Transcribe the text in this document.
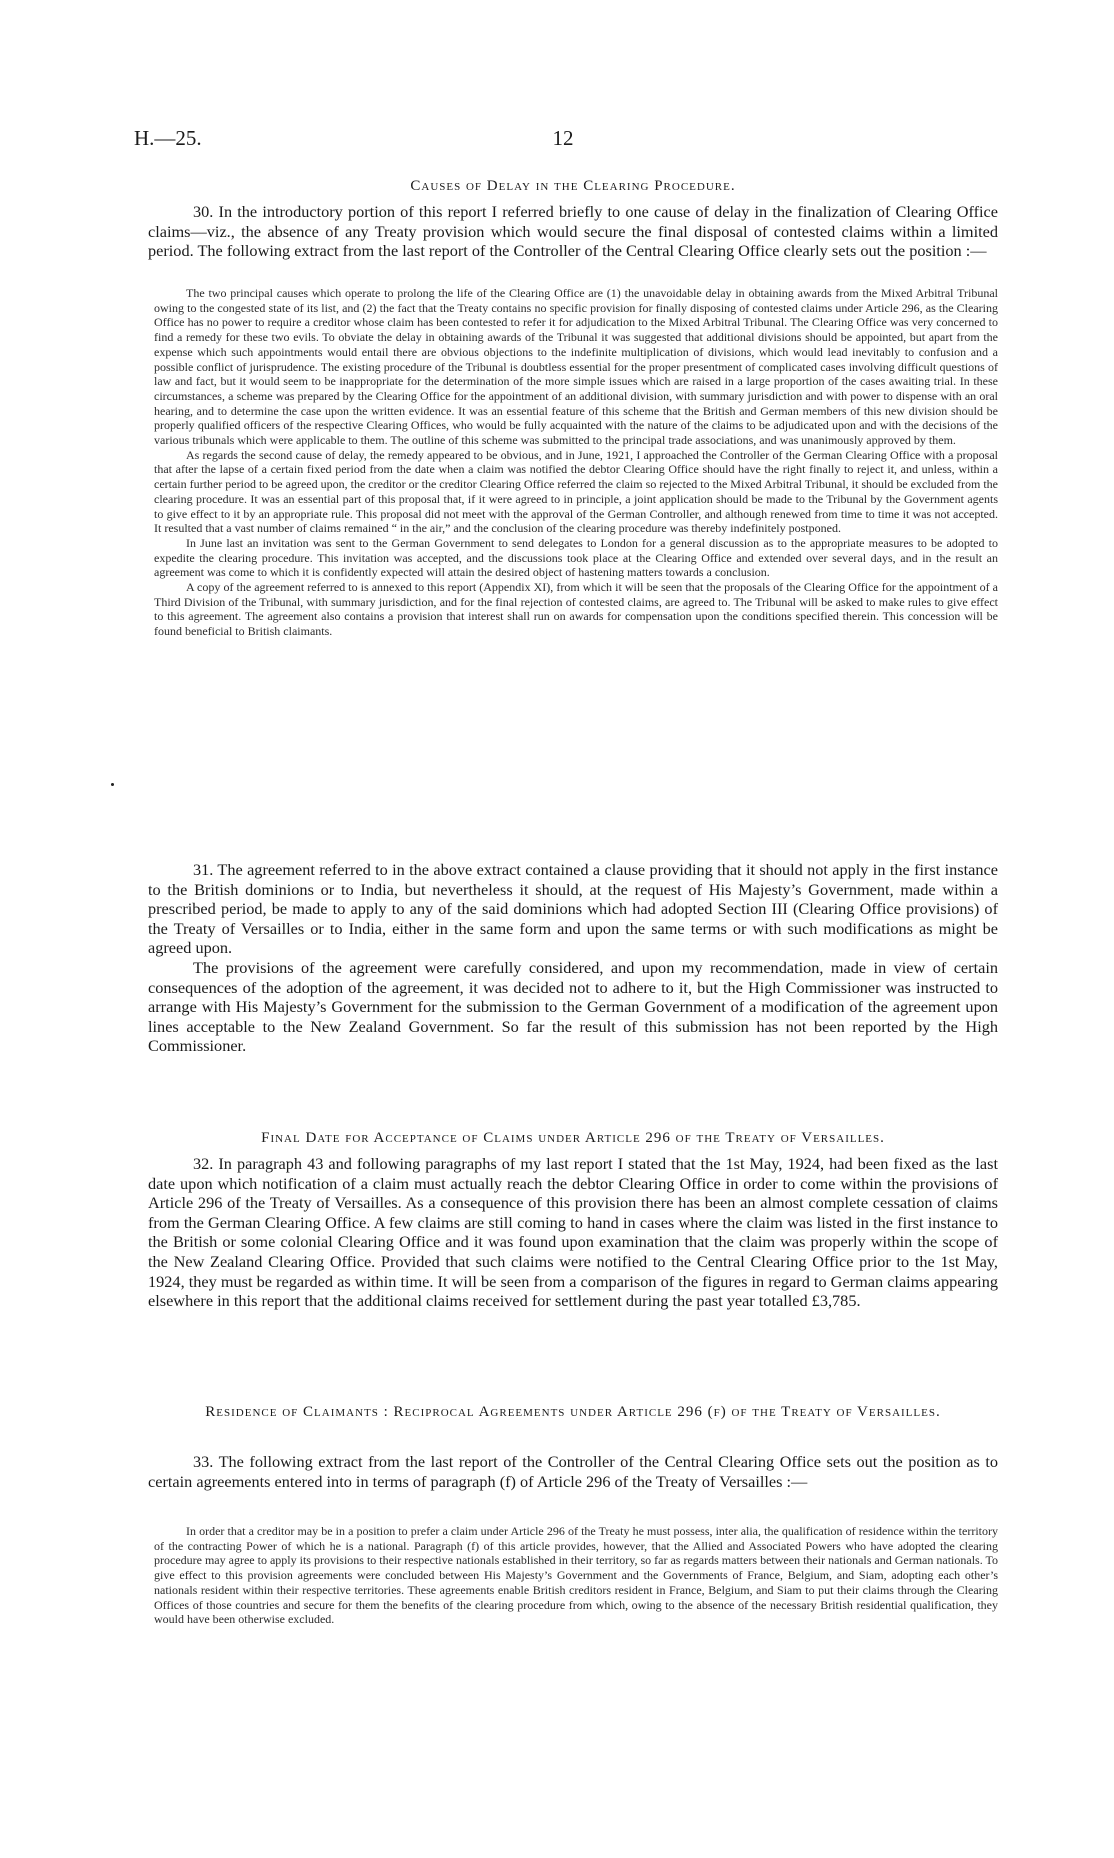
H.—25.	12

Causes of Delay in the Clearing Procedure.

30. In the introductory portion of this report I referred briefly to one cause of delay in the finalization of Clearing Office claims—viz., the absence of any Treaty provision which would secure the final disposal of contested claims within a limited period. The following extract from the last report of the Controller of the Central Clearing Office clearly sets out the position :—

The two principal causes which operate to prolong the life of the Clearing Office are (1) the unavoidable delay in obtaining awards from the Mixed Arbitral Tribunal owing to the congested state of its list, and (2) the fact that the Treaty contains no specific provision for finally disposing of contested claims under Article 296, as the Clearing Office has no power to require a creditor whose claim has been contested to refer it for adjudication to the Mixed Arbitral Tribunal. The Clearing Office was very concerned to find a remedy for these two evils. To obviate the delay in obtaining awards of the Tribunal it was suggested that additional divisions should be appointed, but apart from the expense which such appointments would entail there are obvious objections to the indefinite multiplication of divisions, which would lead inevitably to confusion and a possible conflict of jurisprudence. The existing procedure of the Tribunal is doubtless essential for the proper presentment of complicated cases involving difficult questions of law and fact, but it would seem to be inappropriate for the determination of the more simple issues which are raised in a large proportion of the cases awaiting trial. In these circumstances, a scheme was prepared by the Clearing Office for the appointment of an additional division, with summary jurisdiction and with power to dispense with an oral hearing, and to determine the case upon the written evidence. It was an essential feature of this scheme that the British and German members of this new division should be properly qualified officers of the respective Clearing Offices, who would be fully acquainted with the nature of the claims to be adjudicated upon and with the decisions of the various tribunals which were applicable to them. The outline of this scheme was submitted to the principal trade associations, and was unanimously approved by them.

As regards the second cause of delay, the remedy appeared to be obvious, and in June, 1921, I approached the Controller of the German Clearing Office with a proposal that after the lapse of a certain fixed period from the date when a claim was notified the debtor Clearing Office should have the right finally to reject it, and unless, within a certain further period to be agreed upon, the creditor or the creditor Clearing Office referred the claim so rejected to the Mixed Arbitral Tribunal, it should be excluded from the clearing procedure. It was an essential part of this proposal that, if it were agreed to in principle, a joint application should be made to the Tribunal by the Government agents to give effect to it by an appropriate rule. This proposal did not meet with the approval of the German Controller, and although renewed from time to time it was not accepted. It resulted that a vast number of claims remained “ in the air,” and the conclusion of the clearing procedure was thereby indefinitely postponed.

In June last an invitation was sent to the German Government to send delegates to London for a general discussion as to the appropriate measures to be adopted to expedite the clearing procedure. This invitation was accepted, and the discussions took place at the Clearing Office and extended over several days, and in the result an agreement was come to which it is confidently expected will attain the desired object of hastening matters towards a conclusion.

A copy of the agreement referred to is annexed to this report (Appendix XI), from which it will be seen that the proposals of the Clearing Office for the appointment of a Third Division of the Tribunal, with summary jurisdiction, and for the final rejection of contested claims, are agreed to. The Tribunal will be asked to make rules to give effect to this agreement. The agreement also contains a provision that interest shall run on awards for compensation upon the conditions specified therein. This concession will be found beneficial to British claimants.

31. The agreement referred to in the above extract contained a clause providing that it should not apply in the first instance to the British dominions or to India, but nevertheless it should, at the request of His Majesty’s Government, made within a prescribed period, be made to apply to any of the said dominions which had adopted Section III (Clearing Office provisions) of the Treaty of Versailles or to India, either in the same form and upon the same terms or with such modifications as might be agreed upon.

The provisions of the agreement were carefully considered, and upon my recommendation, made in view of certain consequences of the adoption of the agreement, it was decided not to adhere to it, but the High Commissioner was instructed to arrange with His Majesty’s Government for the submission to the German Government of a modification of the agreement upon lines acceptable to the New Zealand Government. So far the result of this submission has not been reported by the High Commissioner.

Final Date for Acceptance of Claims under Article 296 of the Treaty of Versailles.

32. In paragraph 43 and following paragraphs of my last report I stated that the 1st May, 1924, had been fixed as the last date upon which notification of a claim must actually reach the debtor Clearing Office in order to come within the provisions of Article 296 of the Treaty of Versailles. As a consequence of this provision there has been an almost complete cessation of claims from the German Clearing Office. A few claims are still coming to hand in cases where the claim was listed in the first instance to the British or some colonial Clearing Office and it was found upon examination that the claim was properly within the scope of the New Zealand Clearing Office. Provided that such claims were notified to the Central Clearing Office prior to the 1st May, 1924, they must be regarded as within time. It will be seen from a comparison of the figures in regard to German claims appearing elsewhere in this report that the additional claims received for settlement during the past year totalled £3,785.

Residence of Claimants : Reciprocal Agreements under Article 296 (f) of the Treaty of Versailles.

33. The following extract from the last report of the Controller of the Central Clearing Office sets out the position as to certain agreements entered into in terms of paragraph (f) of Article 296 of the Treaty of Versailles :—

In order that a creditor may be in a position to prefer a claim under Article 296 of the Treaty he must possess, inter alia, the qualification of residence within the territory of the contracting Power of which he is a national. Paragraph (f) of this article provides, however, that the Allied and Associated Powers who have adopted the clearing procedure may agree to apply its provisions to their respective nationals established in their territory, so far as regards matters between their nationals and German nationals. To give effect to this provision agreements were concluded between His Majesty’s Government and the Governments of France, Belgium, and Siam, adopting each other’s nationals resident within their respective territories. These agreements enable British creditors resident in France, Belgium, and Siam to put their claims through the Clearing Offices of those countries and secure for them the benefits of the clearing procedure from which, owing to the absence of the necessary British residential qualification, they would have been otherwise excluded.
